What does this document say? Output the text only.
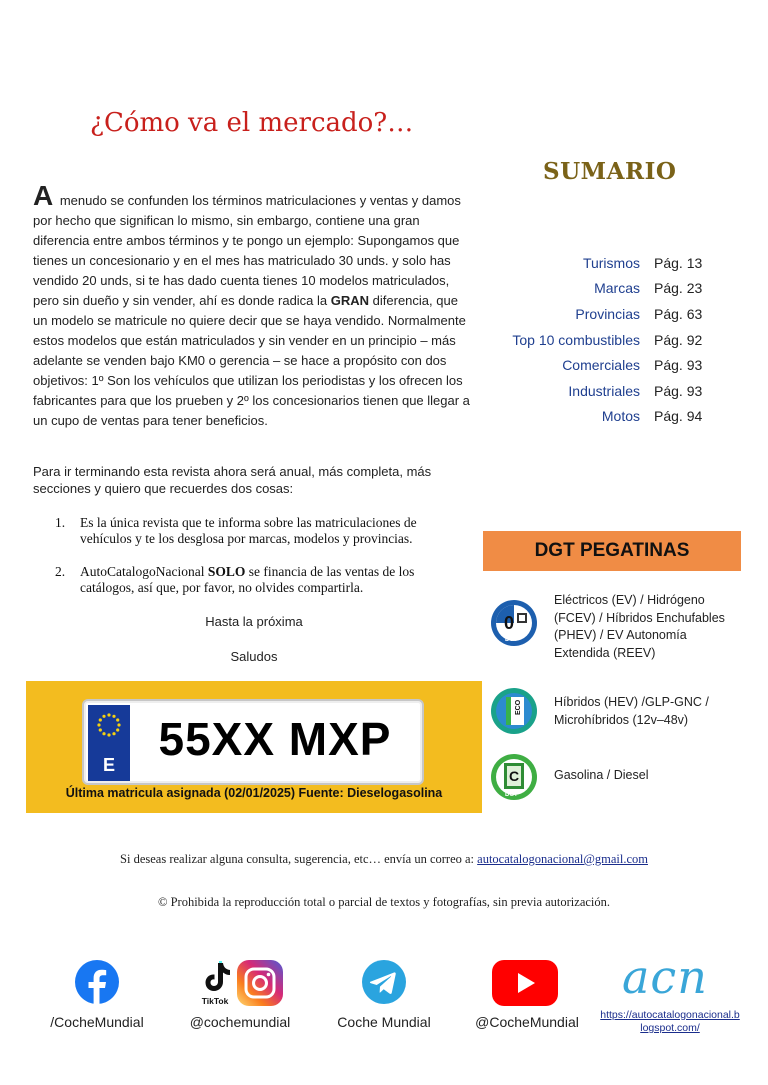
¿Cómo va el mercado?…
SUMARIO
A menudo se confunden los términos matriculaciones y ventas y damos por hecho que significan lo mismo, sin embargo, contiene una gran diferencia entre ambos términos y te pongo un ejemplo: Supongamos que tienes un concesionario y en el mes has matriculado 30 unds. y solo has vendido 20 unds, si te has dado cuenta tienes 10 modelos matriculados, pero sin dueño y sin vender, ahí es donde radica la GRAN diferencia, que un modelo se matricule no quiere decir que se haya vendido. Normalmente estos modelos que están matriculados y sin vender en un principio – más adelante se venden bajo KM0 o gerencia – se hace a propósito con dos objetivos: 1º Son los vehículos que utilizan los periodistas y los ofrecen los fabricantes para que los prueben y 2º los concesionarios tienen que llegar a un cupo de ventas para tener beneficios.
Para ir terminando esta revista ahora será anual, más completa, más secciones y quiero que recuerdes dos cosas:
1.	Es la única revista que te informa sobre las matriculaciones de vehículos y te los desglosa por marcas, modelos y provincias.
2.	AutoCatalogoNacional SOLO se financia de las ventas de los catálogos, así que, por favor, no olvides compartirla.
Hasta la próxima
Saludos
Turismos	Pág. 13
Marcas	Pág. 23
Provincias	Pág. 63
Top 10 combustibles	Pág. 92
Comerciales	Pág. 93
Industriales	Pág. 93
Motos	Pág. 94
E 55XX MXP
Última matricula asignada (02/01/2025) Fuente: Dieselogasolina
DGT PEGATINAS
0
DGT
Eléctricos (EV) / Hidrógeno (FCEV) / Híbridos Enchufables (PHEV) / EV Autonomía Extendida (REEV)
ECO	Híbridos (HEV) /GLP-GNC / Microhíbridos (12v–48v)
C
DGT
Gasolina / Diesel
Si deseas realizar alguna consulta, sugerencia, etc… envía un correo a: autocatalogonacional@gmail.com
© Prohibida la reproducción total o parcial de textos y fotografías, sin previa autorización.
/CocheMundial
TikTok
@cochemundial	Coche Mundial	@CocheMundial
acn
https://autocatalogonacional.blogspot.com/
